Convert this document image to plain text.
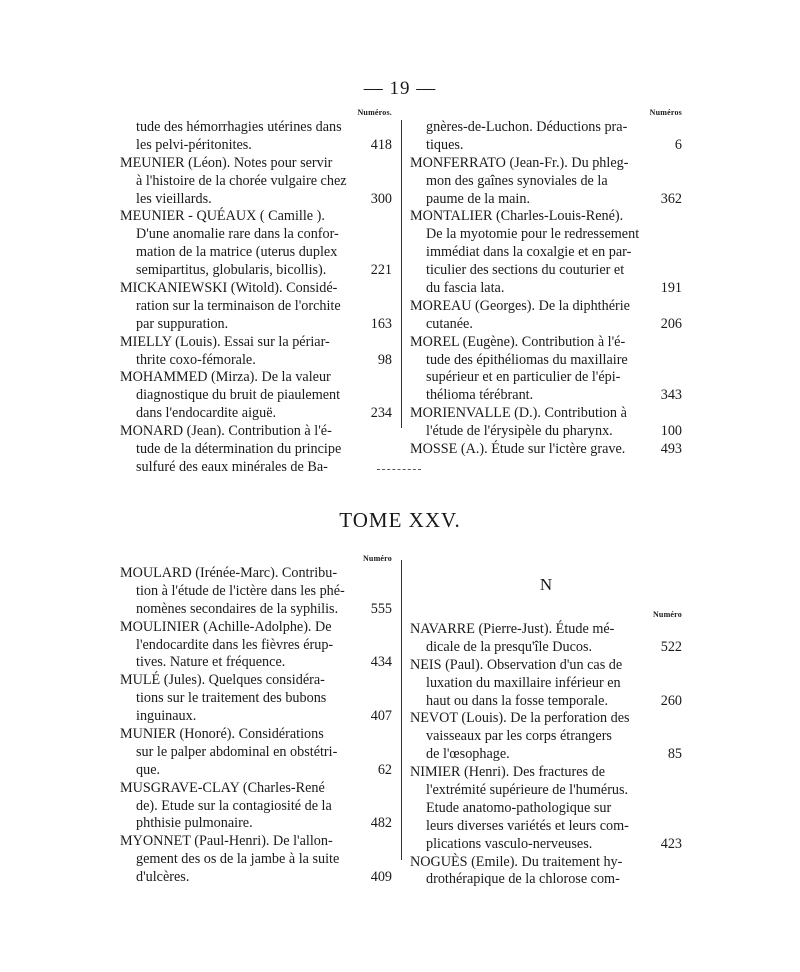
— 19 —
Numéros.
tude des hémorrhagies utérines dans
les pelvi-péritonites.	418
MEUNIER (Léon). Notes pour servir
à l'histoire de la chorée vulgaire chez
les vieillards.	300
MEUNIER - QUÉAUX ( Camille ).
D'une anomalie rare dans la confor-
mation de la matrice (uterus duplex
semipartitus, globularis, bicollis).	221
MICKANIEWSKI (Witold). Considé-
ration sur la terminaison de l'orchite
par suppuration.	163
MIELLY (Louis). Essai sur la périar-
thrite coxo-fémorale.	98
MOHAMMED (Mirza). De la valeur
diagnostique du bruit de piaulement
dans l'endocardite aiguë.	234
MONARD (Jean). Contribution à l'é-
tude de la détermination du principe
sulfuré des eaux minérales de Ba-
Numéros
gnères-de-Luchon. Déductions pra-
tiques.	6
MONFERRATO (Jean-Fr.). Du phleg-
mon des gaînes synoviales de la
paume de la main.	362
MONTALIER (Charles-Louis-René).
De la myotomie pour le redressement
immédiat dans la coxalgie et en par-
ticulier des sections du couturier et
du fascia lata.	191
MOREAU (Georges). De la diphthérie
cutanée.	206
MOREL (Eugène). Contribution à l'é-
tude des épithéliomas du maxillaire
supérieur et en particulier de l'épi-
thélioma térébrant.	343
MORIENVALLE (D.). Contribution à
l'étude de l'érysipèle du pharynx.	100
MOSSE (A.). Étude sur l'ictère grave. 493
TOME XXV.
Numéro
MOULARD (Irénée-Marc). Contribu-
tion à l'étude de l'ictère dans les phé-
nomènes secondaires de la syphilis. 555
MOULINIER (Achille-Adolphe). De
l'endocardite dans les fièvres érup-
tives. Nature et fréquence.	434
MULÉ (Jules). Quelques considéra-
tions sur le traitement des bubons
inguinaux.	407
MUNIER (Honoré). Considérations
sur le palper abdominal en obstétri-
que.	62
MUSGRAVE-CLAY (Charles-René
de). Etude sur la contagiosité de la
phthisie pulmonaire.	482
MYONNET (Paul-Henri). De l'allon-
gement des os de la jambe à la suite
d'ulcères.	409
N
Numéro
NAVARRE (Pierre-Just). Étude mé-
dicale de la presqu'île Ducos.	522
NEIS (Paul). Observation d'un cas de
luxation du maxillaire inférieur en
haut ou dans la fosse temporale.	260
NEVOT (Louis). De la perforation des
vaisseaux par les corps étrangers
de l'œsophage.	85
NIMIER (Henri). Des fractures de
l'extrémité supérieure de l'humérus.
Etude anatomo-pathologique sur
leurs diverses variétés et leurs com-
plications vasculo-nerveuses.	423
NOGUÈS (Emile). Du traitement hy-
drothérapique de la chlorose com-
